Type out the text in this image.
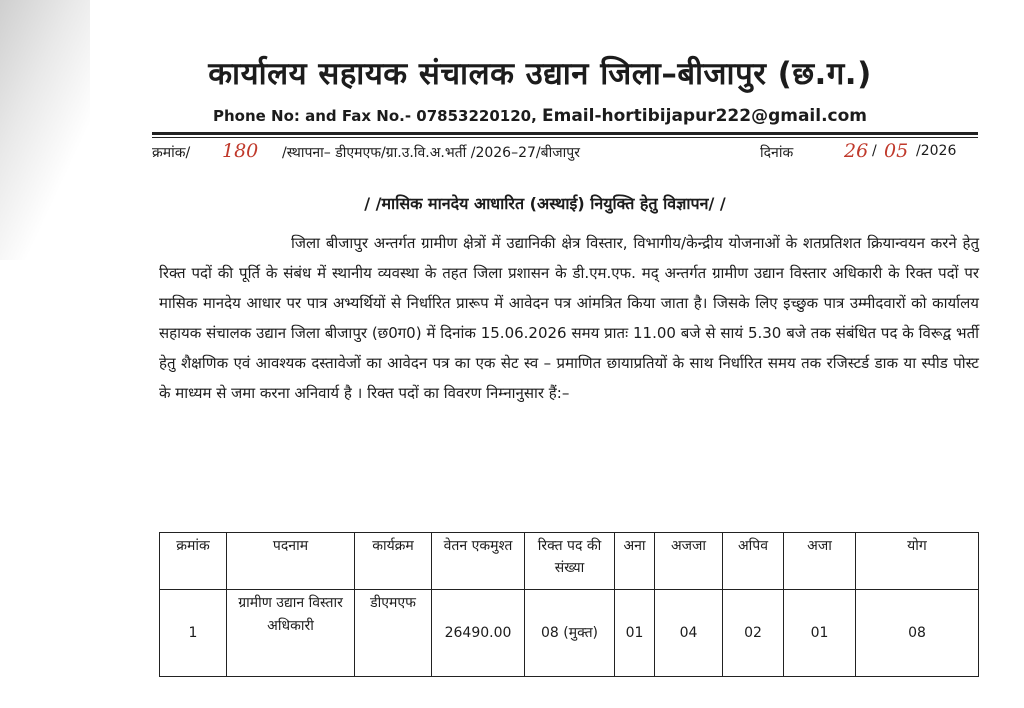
कार्यालय सहायक संचालक उद्यान जिला–बीजापुर (छ.ग.)
Phone No: and Fax No.- 07853220120, Email-hortibijapur222@gmail.com
क्रमांक/ 180 /स्थापना– डीएमएफ/ग्रा.उ.वि.अ.भर्ती /2026–27/बीजापुर	दिनांक	26 / 05 /2026
/ /मासिक मानदेय आधारित (अस्थाई) नियुक्ति हेतु विज्ञापन/ /

जिला बीजापुर अन्तर्गत ग्रामीण क्षेत्रों में उद्यानिकी क्षेत्र विस्तार, विभागीय/केन्द्रीय योजनाओं के शतप्रतिशत क्रियान्वयन करने हेतु रिक्त पदों की पूर्ति के संबंध में स्थानीय व्यवस्था के तहत जिला प्रशासन के डी.एम.एफ. मद् अन्तर्गत ग्रामीण उद्यान विस्तार अधिकारी के रिक्त पदों पर मासिक मानदेय आधार पर पात्र अभ्यर्थियों से निर्धारित प्रारूप में आवेदन पत्र आंमत्रित किया जाता है। जिसके लिए इच्छुक पात्र उम्मीदवारों को कार्यालय सहायक संचालक उद्यान जिला बीजापुर (छ0ग0) में दिनांक 15.06.2026 समय प्रातः 11.00 बजे से सायं 5.30 बजे तक संबंधित पद के विरूद्व भर्ती हेतु शैक्षणिक एवं आवश्यक दस्तावेजों का आवेदन पत्र का एक सेट स्व – प्रमाणित छायाप्रतियों के साथ निर्धारित समय तक रजिस्टर्ड डाक या स्पीड पोस्ट के माध्यम से जमा करना अनिवार्य है । रिक्त पदों का विवरण निम्नानुसार हैं:–

क्रमांक	पदनाम	कार्यक्रम	वेतन एकमुश्त	रिक्त पद की संख्या	अना	अजजा	अपिव	अजा	योग
1	ग्रामीण उद्यान विस्तार अधिकारी	डीएमएफ	26490.00	08 (मुक्त)	01	04	02	01	08
